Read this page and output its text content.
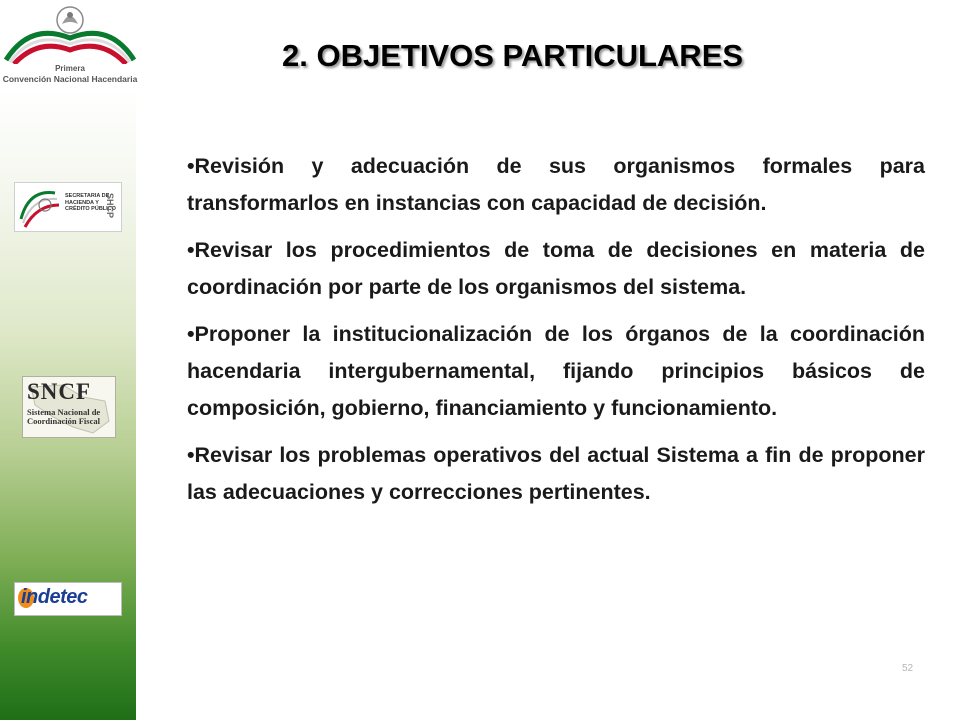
Primera
Convención Nacional Hacendaria
SECRETARIA DE
HACIENDA Y
CRÉDITO PÚBLICO
SHCP
SNCF
Sistema Nacional de
Coordinación Fiscal
indetec
2. OBJETIVOS PARTICULARES

•Revisión y adecuación de sus organismos formales para transformarlos en instancias con capacidad de decisión.

•Revisar los procedimientos de toma de decisiones en materia de coordinación por parte de los organismos del sistema.

•Proponer la institucionalización de los órganos de la coordinación hacendaria intergubernamental, fijando principios básicos de composición, gobierno, financiamiento y funcionamiento.

•Revisar los problemas operativos del actual Sistema a fin de proponer las adecuaciones y correcciones pertinentes.

52
